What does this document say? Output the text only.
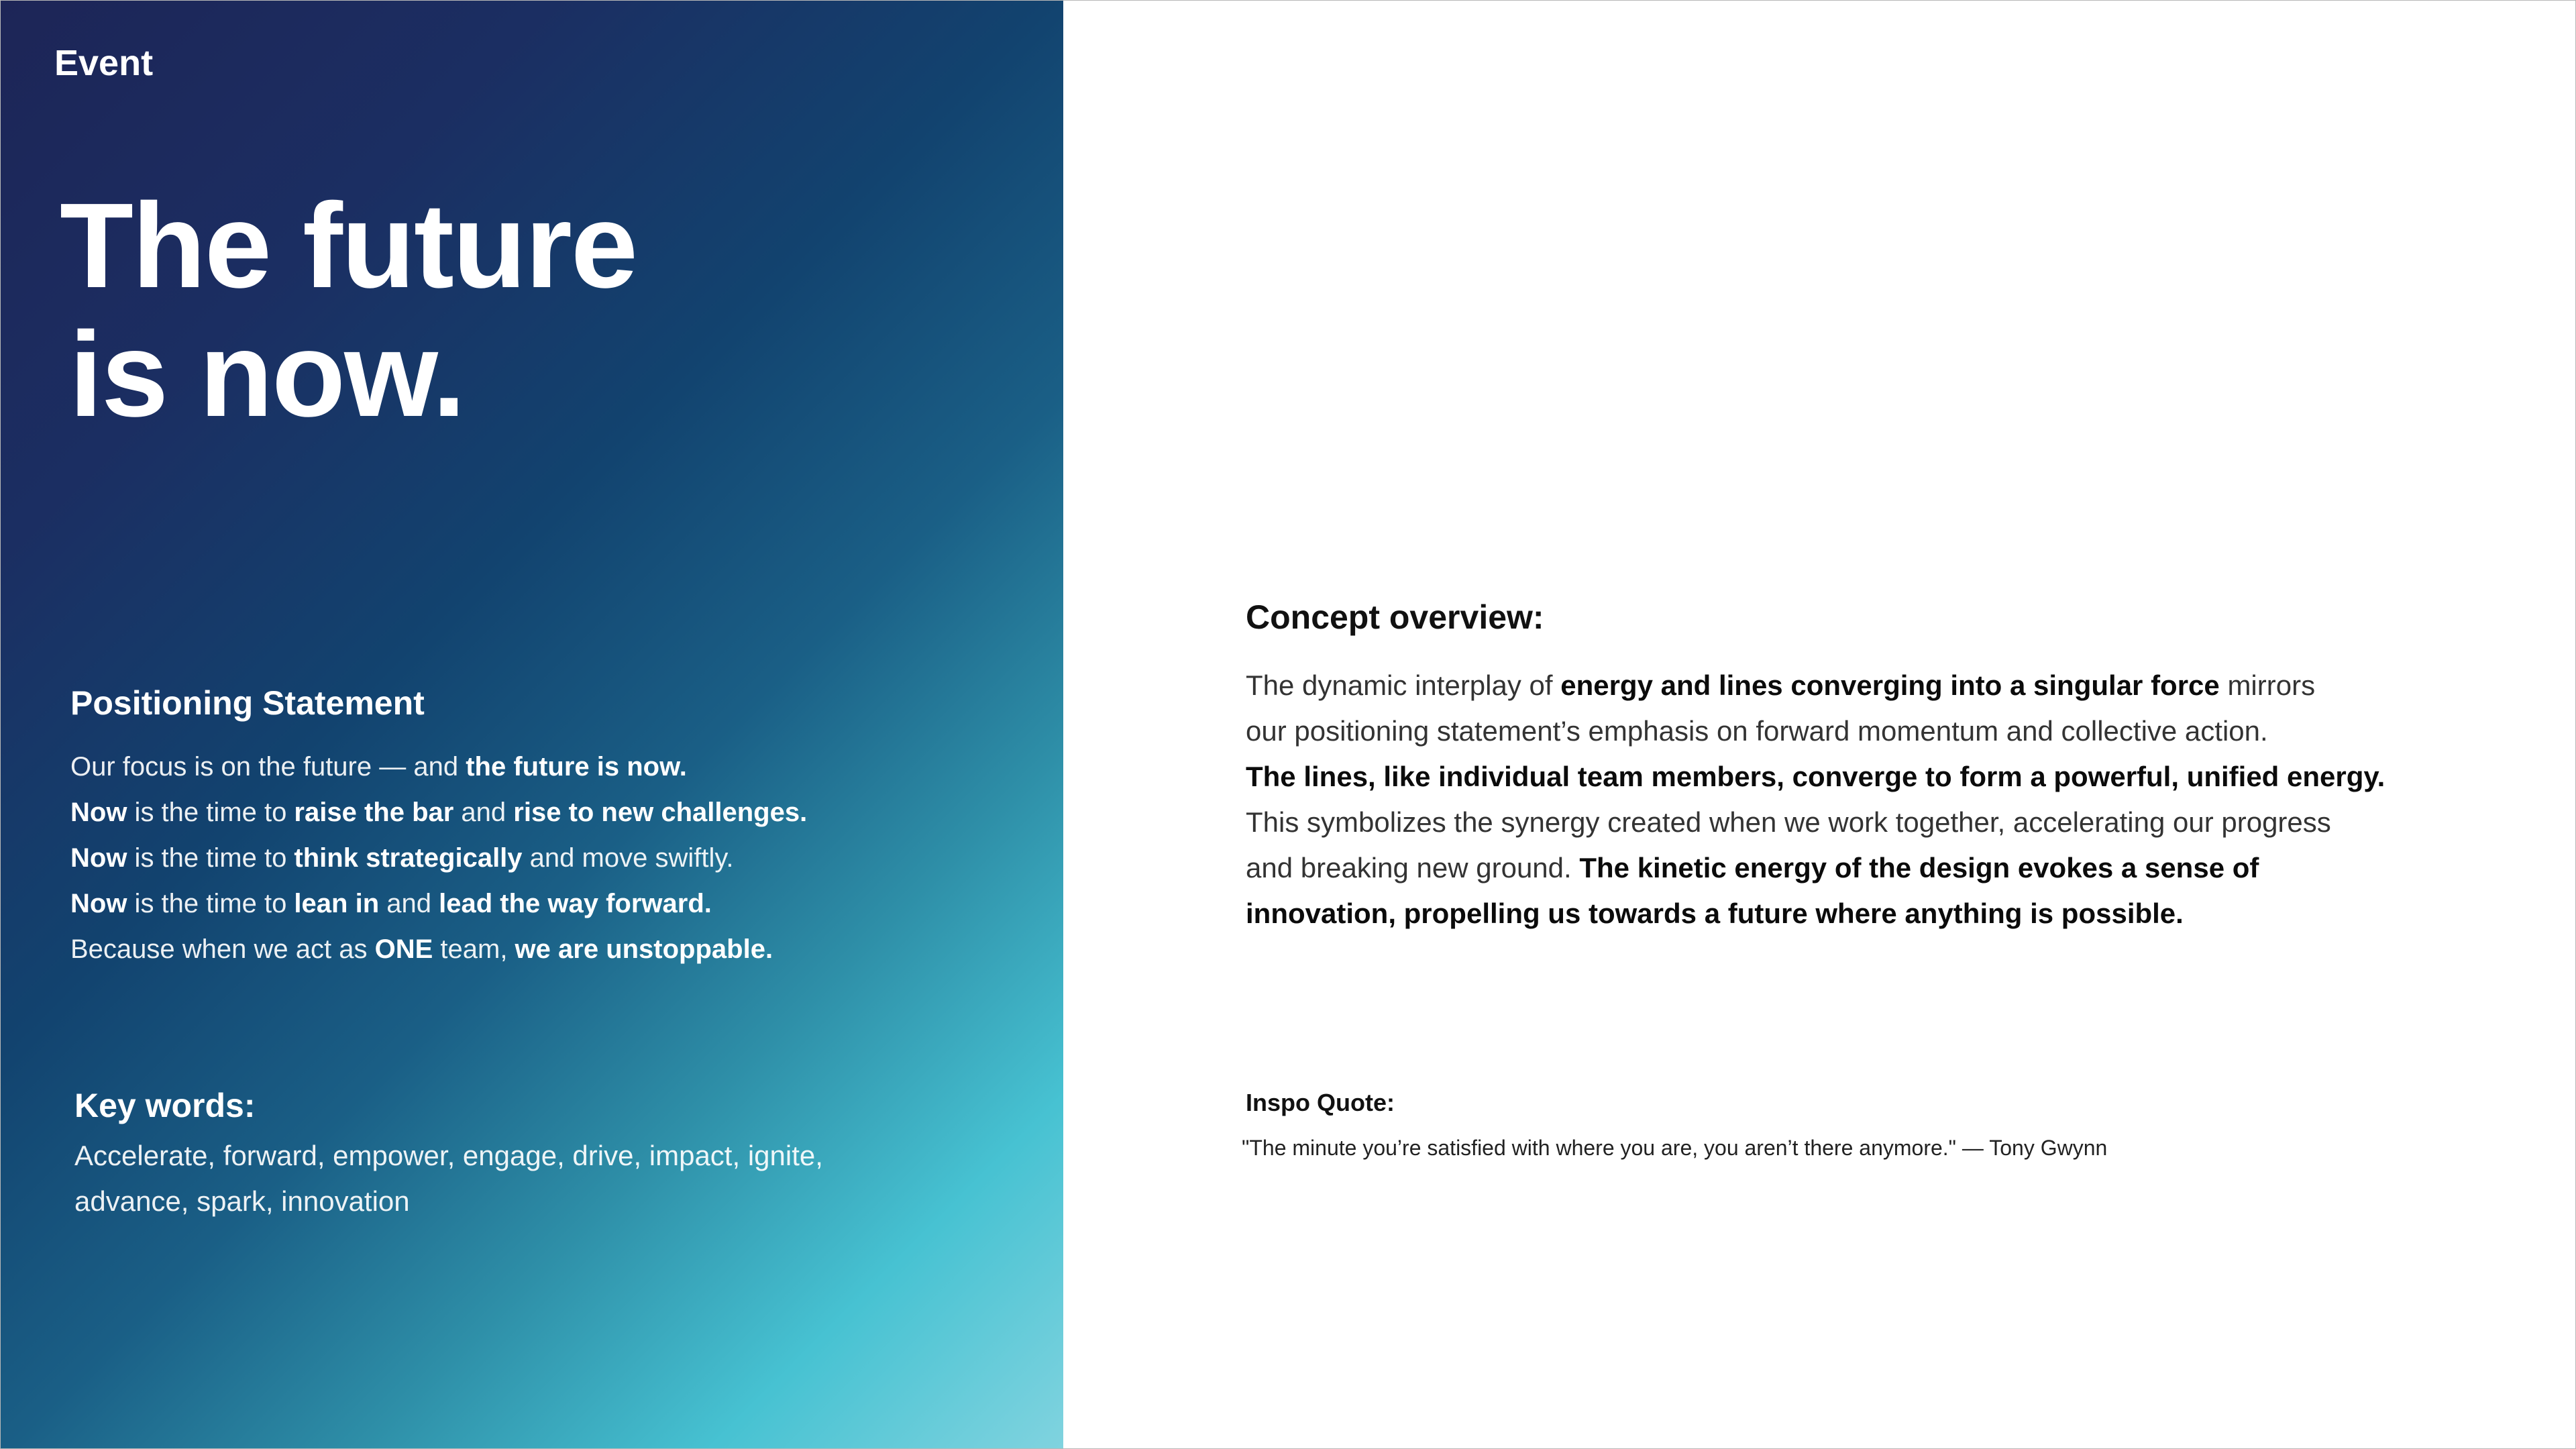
Event
The future
is now.
Positioning Statement
Our focus is on the future — and the future is now.
Now is the time to raise the bar and rise to new challenges.
Now is the time to think strategically and move swiftly.
Now is the time to lean in and lead the way forward.
Because when we act as ONE team, we are unstoppable.
Key words:
Accelerate, forward, empower, engage, drive, impact, ignite,
advance, spark, innovation
Concept overview:
The dynamic interplay of energy and lines converging into a singular force mirrors
our positioning statement’s emphasis on forward momentum and collective action.
The lines, like individual team members, converge to form a powerful, unified energy.
This symbolizes the synergy created when we work together, accelerating our progress
and breaking new ground. The kinetic energy of the design evokes a sense of
innovation, propelling us towards a future where anything is possible.
Inspo Quote:
"The minute you’re satisfied with where you are, you aren’t there anymore." — Tony Gwynn
